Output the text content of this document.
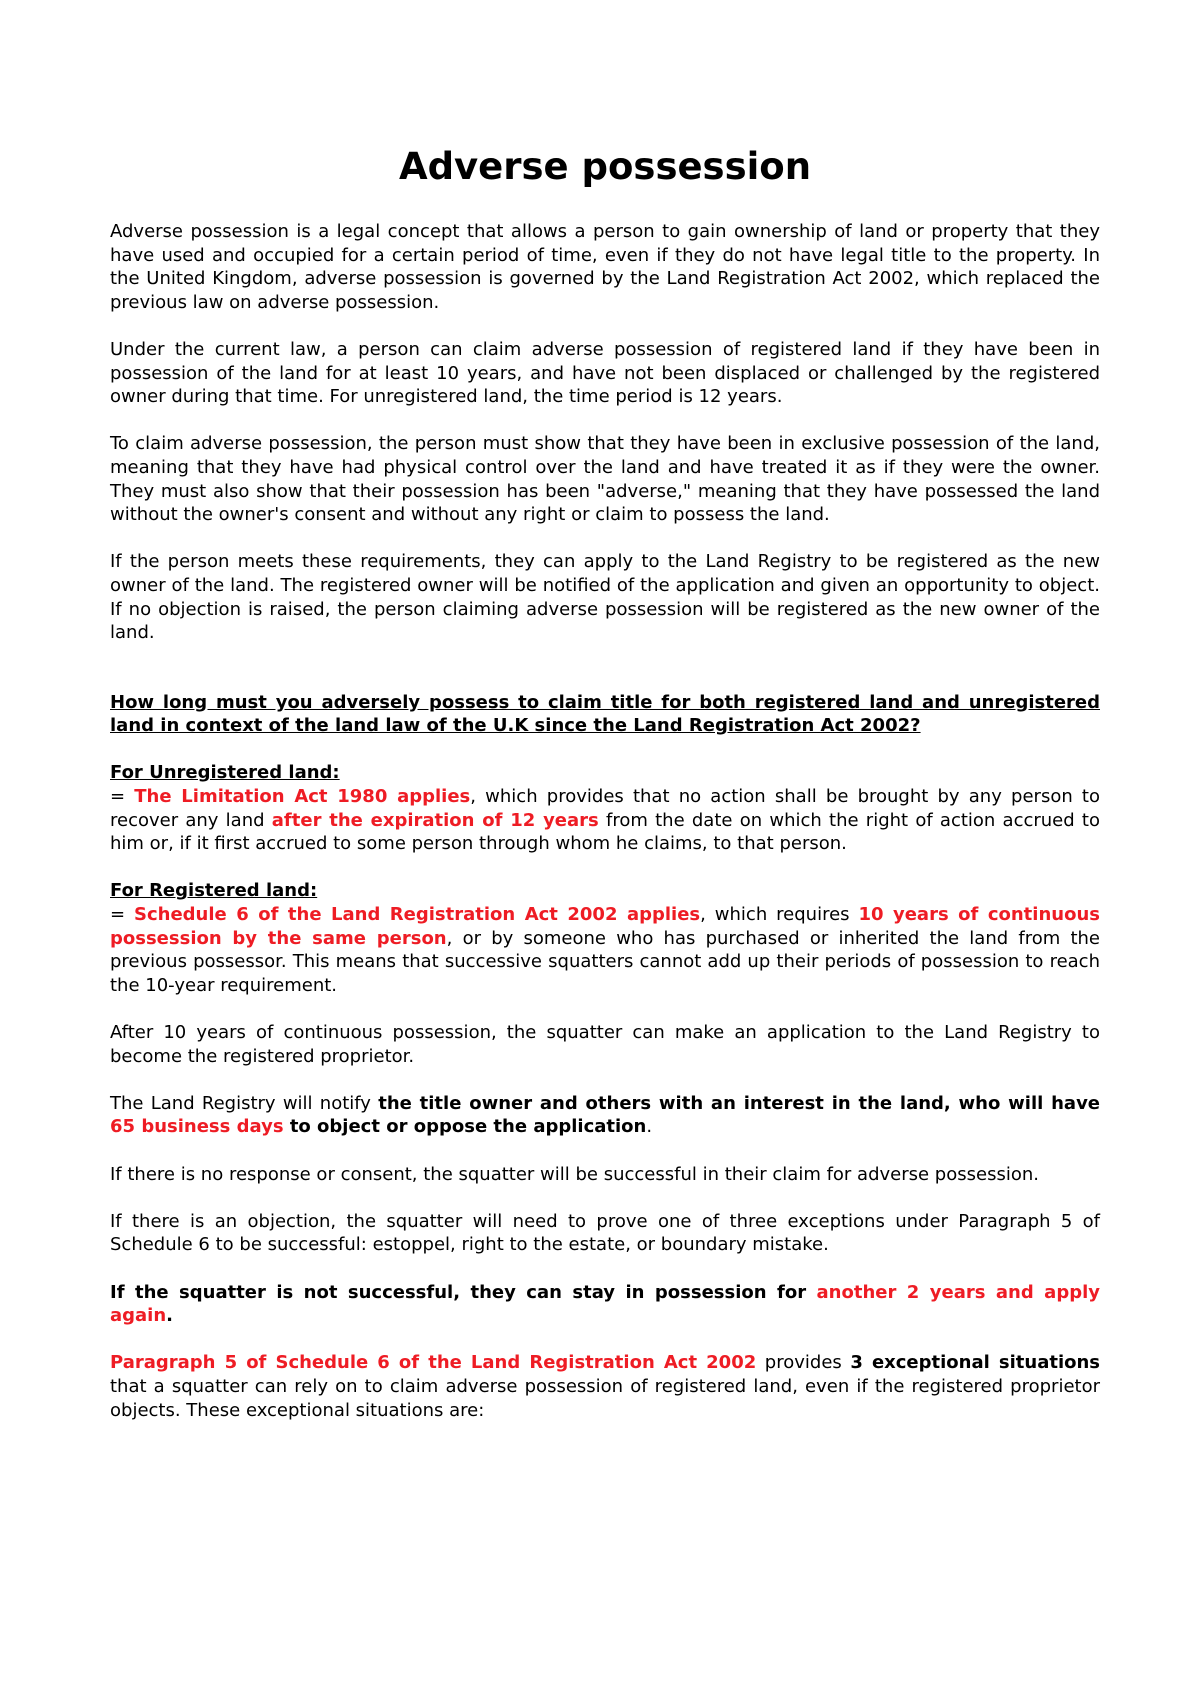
Adverse possession

Adverse possession is a legal concept that allows a person to gain ownership of land or property that they have used and occupied for a certain period of time, even if they do not have legal title to the property. In the United Kingdom, adverse possession is governed by the Land Registration Act 2002, which replaced the previous law on adverse possession.

Under the current law, a person can claim adverse possession of registered land if they have been in possession of the land for at least 10 years, and have not been displaced or challenged by the registered owner during that time. For unregistered land, the time period is 12 years.

To claim adverse possession, the person must show that they have been in exclusive possession of the land, meaning that they have had physical control over the land and have treated it as if they were the owner. They must also show that their possession has been "adverse," meaning that they have possessed the land without the owner's consent and without any right or claim to possess the land.

If the person meets these requirements, they can apply to the Land Registry to be registered as the new owner of the land. The registered owner will be notified of the application and given an opportunity to object. If no objection is raised, the person claiming adverse possession will be registered as the new owner of the land.

How long must you adversely possess to claim title for both registered land and unregistered land in context of the land law of the U.K since the Land Registration Act 2002?

For Unregistered land:
= The Limitation Act 1980 applies, which provides that no action shall be brought by any person to recover any land after the expiration of 12 years from the date on which the right of action accrued to him or, if it first accrued to some person through whom he claims, to that person.

For Registered land:
= Schedule 6 of the Land Registration Act 2002 applies, which requires 10 years of continuous possession by the same person, or by someone who has purchased or inherited the land from the previous possessor. This means that successive squatters cannot add up their periods of possession to reach the 10-year requirement.

After 10 years of continuous possession, the squatter can make an application to the Land Registry to become the registered proprietor.

The Land Registry will notify the title owner and others with an interest in the land, who will have 65 business days to object or oppose the application.

If there is no response or consent, the squatter will be successful in their claim for adverse possession.

If there is an objection, the squatter will need to prove one of three exceptions under Paragraph 5 of Schedule 6 to be successful: estoppel, right to the estate, or boundary mistake.

If the squatter is not successful, they can stay in possession for another 2 years and apply again.

Paragraph 5 of Schedule 6 of the Land Registration Act 2002 provides 3 exceptional situations that a squatter can rely on to claim adverse possession of registered land, even if the registered proprietor objects. These exceptional situations are:
